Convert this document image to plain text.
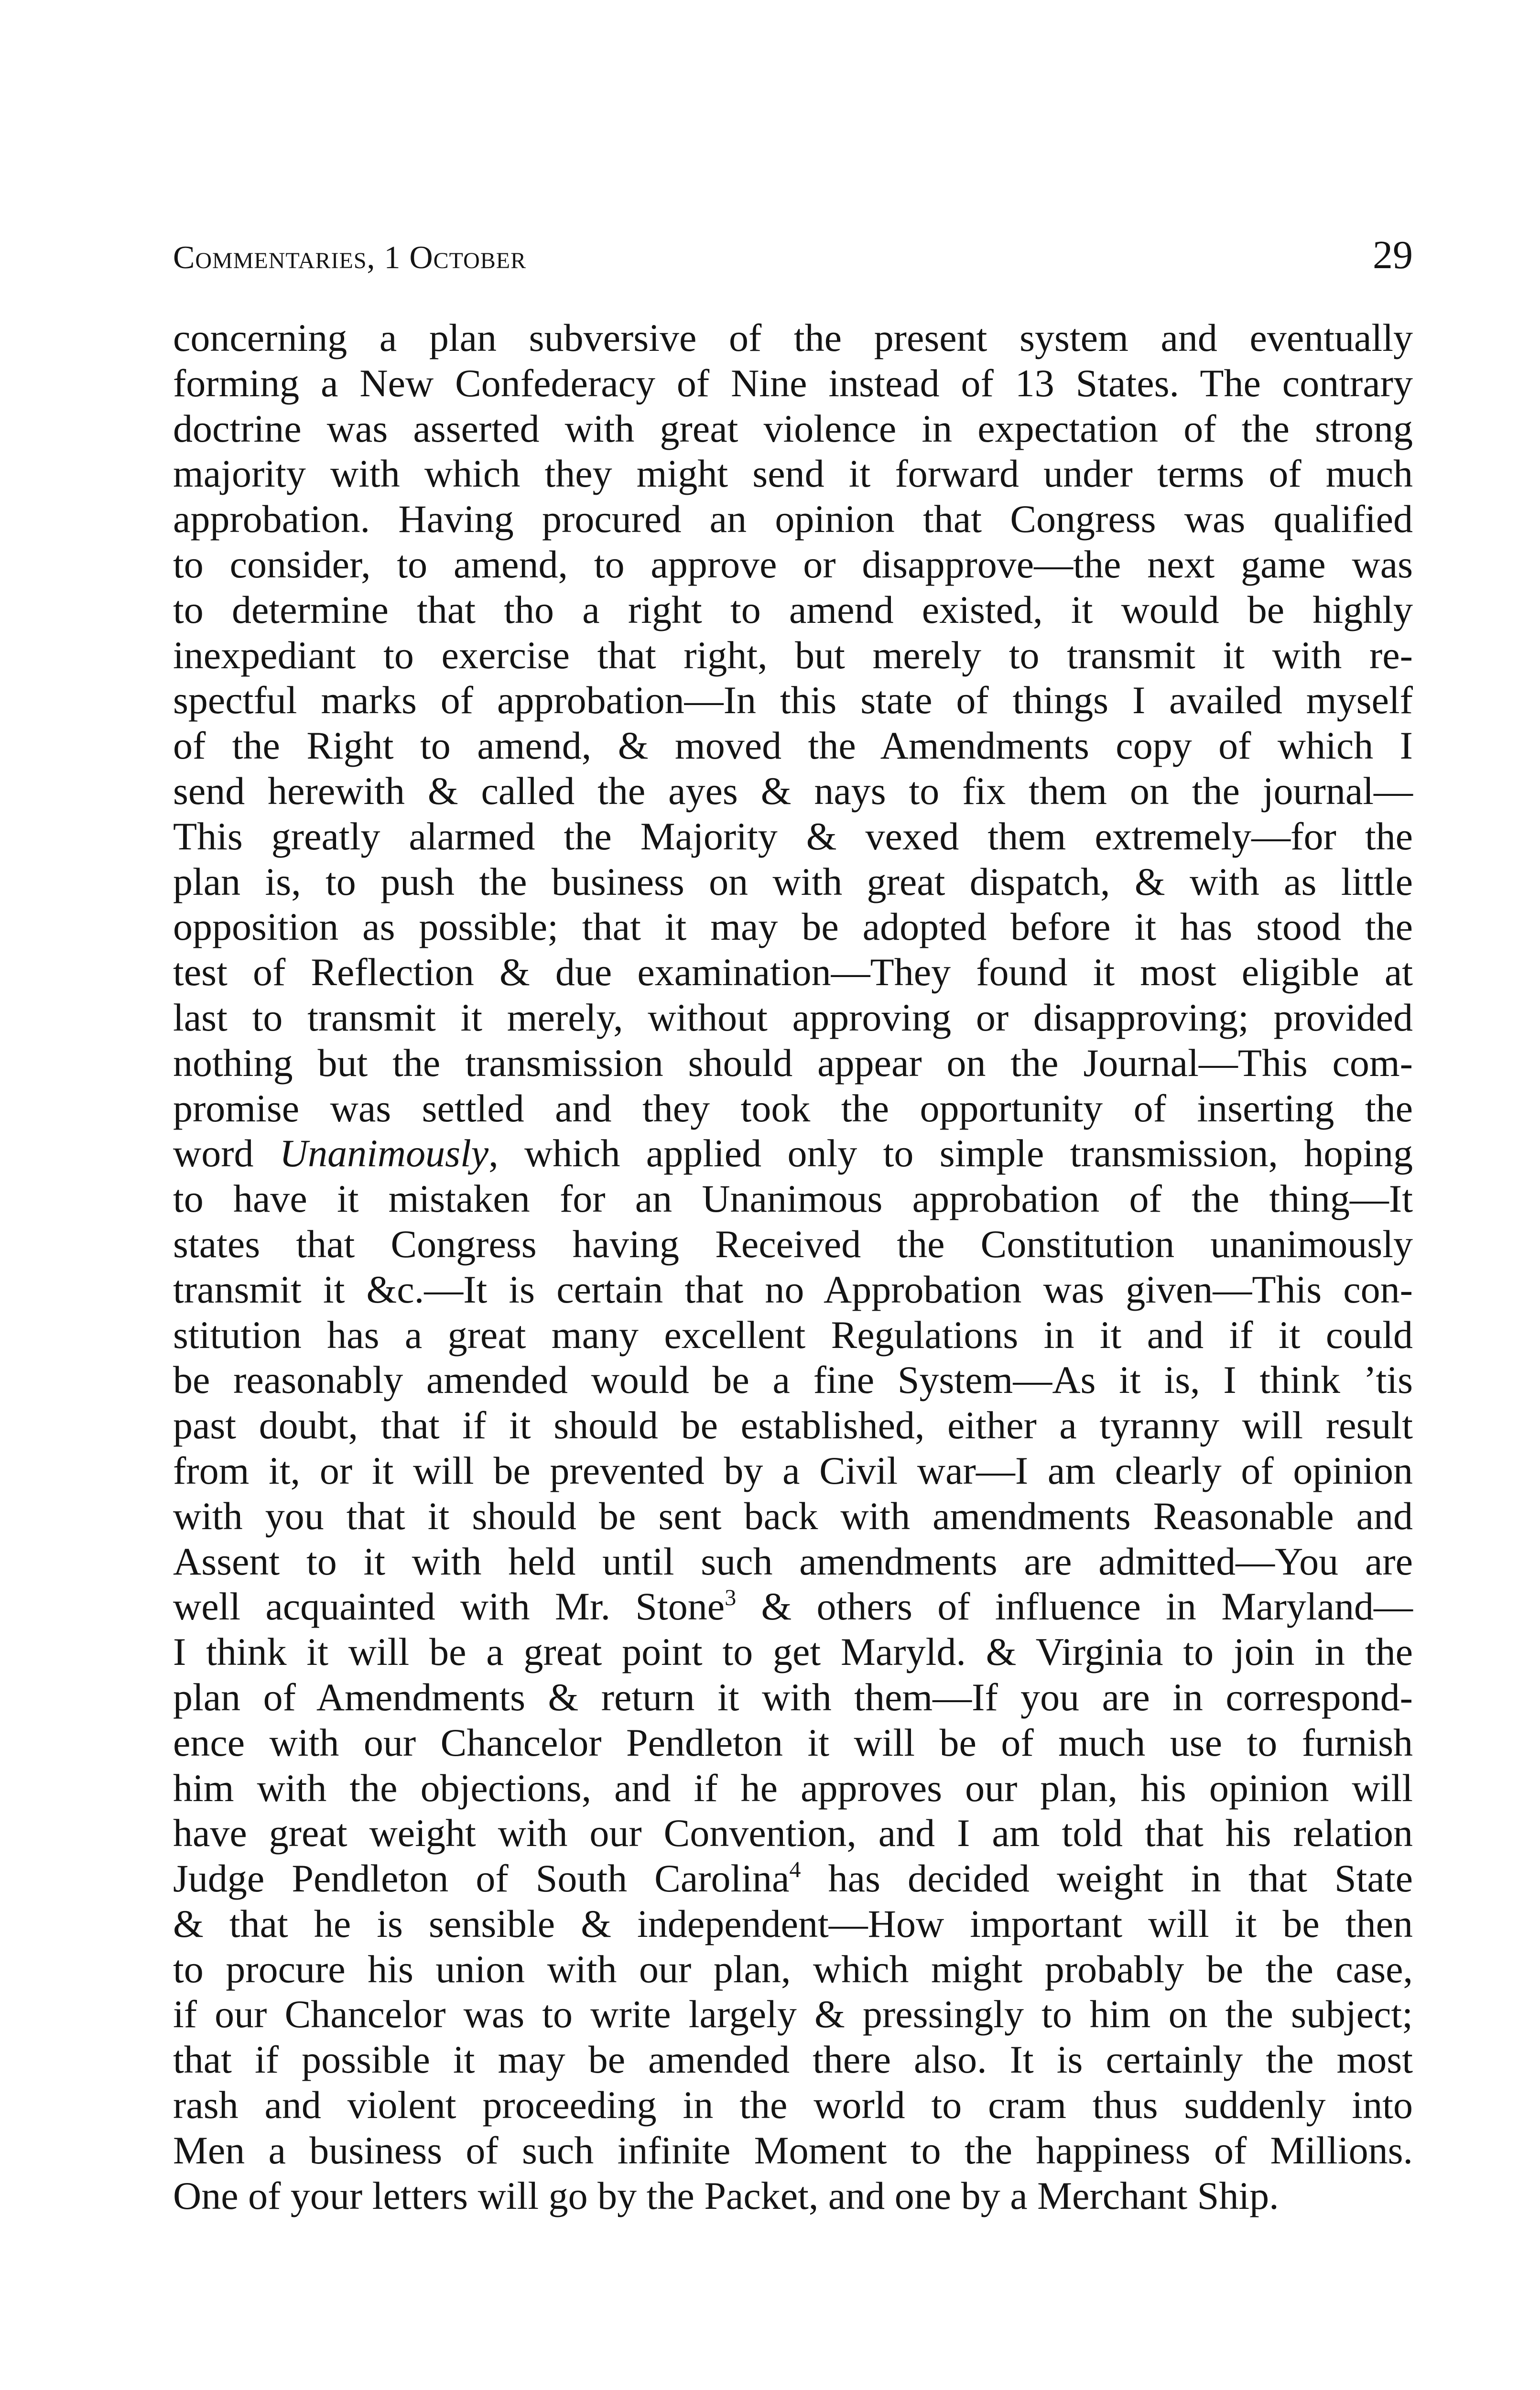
Commentaries, 1 October	29
concerning a plan subversive of the present system and eventually
forming a New Confederacy of Nine instead of 13 States. The contrary
doctrine was asserted with great violence in expectation of the strong
majority with which they might send it forward under terms of much
approbation. Having procured an opinion that Congress was qualified
to consider, to amend, to approve or disapprove—the next game was
to determine that tho a right to amend existed, it would be highly
inexpediant to exercise that right, but merely to transmit it with re-
spectful marks of approbation—In this state of things I availed myself
of the Right to amend, & moved the Amendments copy of which I
send herewith & called the ayes & nays to fix them on the journal—
This greatly alarmed the Majority & vexed them extremely—for the
plan is, to push the business on with great dispatch, & with as little
opposition as possible; that it may be adopted before it has stood the
test of Reflection & due examination—They found it most eligible at
last to transmit it merely, without approving or disapproving; provided
nothing but the transmission should appear on the Journal—This com-
promise was settled and they took the opportunity of inserting the
word Unanimously, which applied only to simple transmission, hoping
to have it mistaken for an Unanimous approbation of the thing—It
states that Congress having Received the Constitution unanimously
transmit it &c.—It is certain that no Approbation was given—This con-
stitution has a great many excellent Regulations in it and if it could
be reasonably amended would be a fine System—As it is, I think ’tis
past doubt, that if it should be established, either a tyranny will result
from it, or it will be prevented by a Civil war—I am clearly of opinion
with you that it should be sent back with amendments Reasonable and
Assent to it with held until such amendments are admitted—You are
well acquainted with Mr. Stone$^3$ & others of influence in Maryland—
I think it will be a great point to get Maryld. & Virginia to join in the
plan of Amendments & return it with them—If you are in correspond-
ence with our Chancelor Pendleton it will be of much use to furnish
him with the objections, and if he approves our plan, his opinion will
have great weight with our Convention, and I am told that his relation
Judge Pendleton of South Carolina$^4$ has decided weight in that State
& that he is sensible & independent—How important will it be then
to procure his union with our plan, which might probably be the case,
if our Chancelor was to write largely & pressingly to him on the subject;
that if possible it may be amended there also. It is certainly the most
rash and violent proceeding in the world to cram thus suddenly into
Men a business of such infinite Moment to the happiness of Millions.
One of your letters will go by the Packet, and one by a Merchant Ship.
